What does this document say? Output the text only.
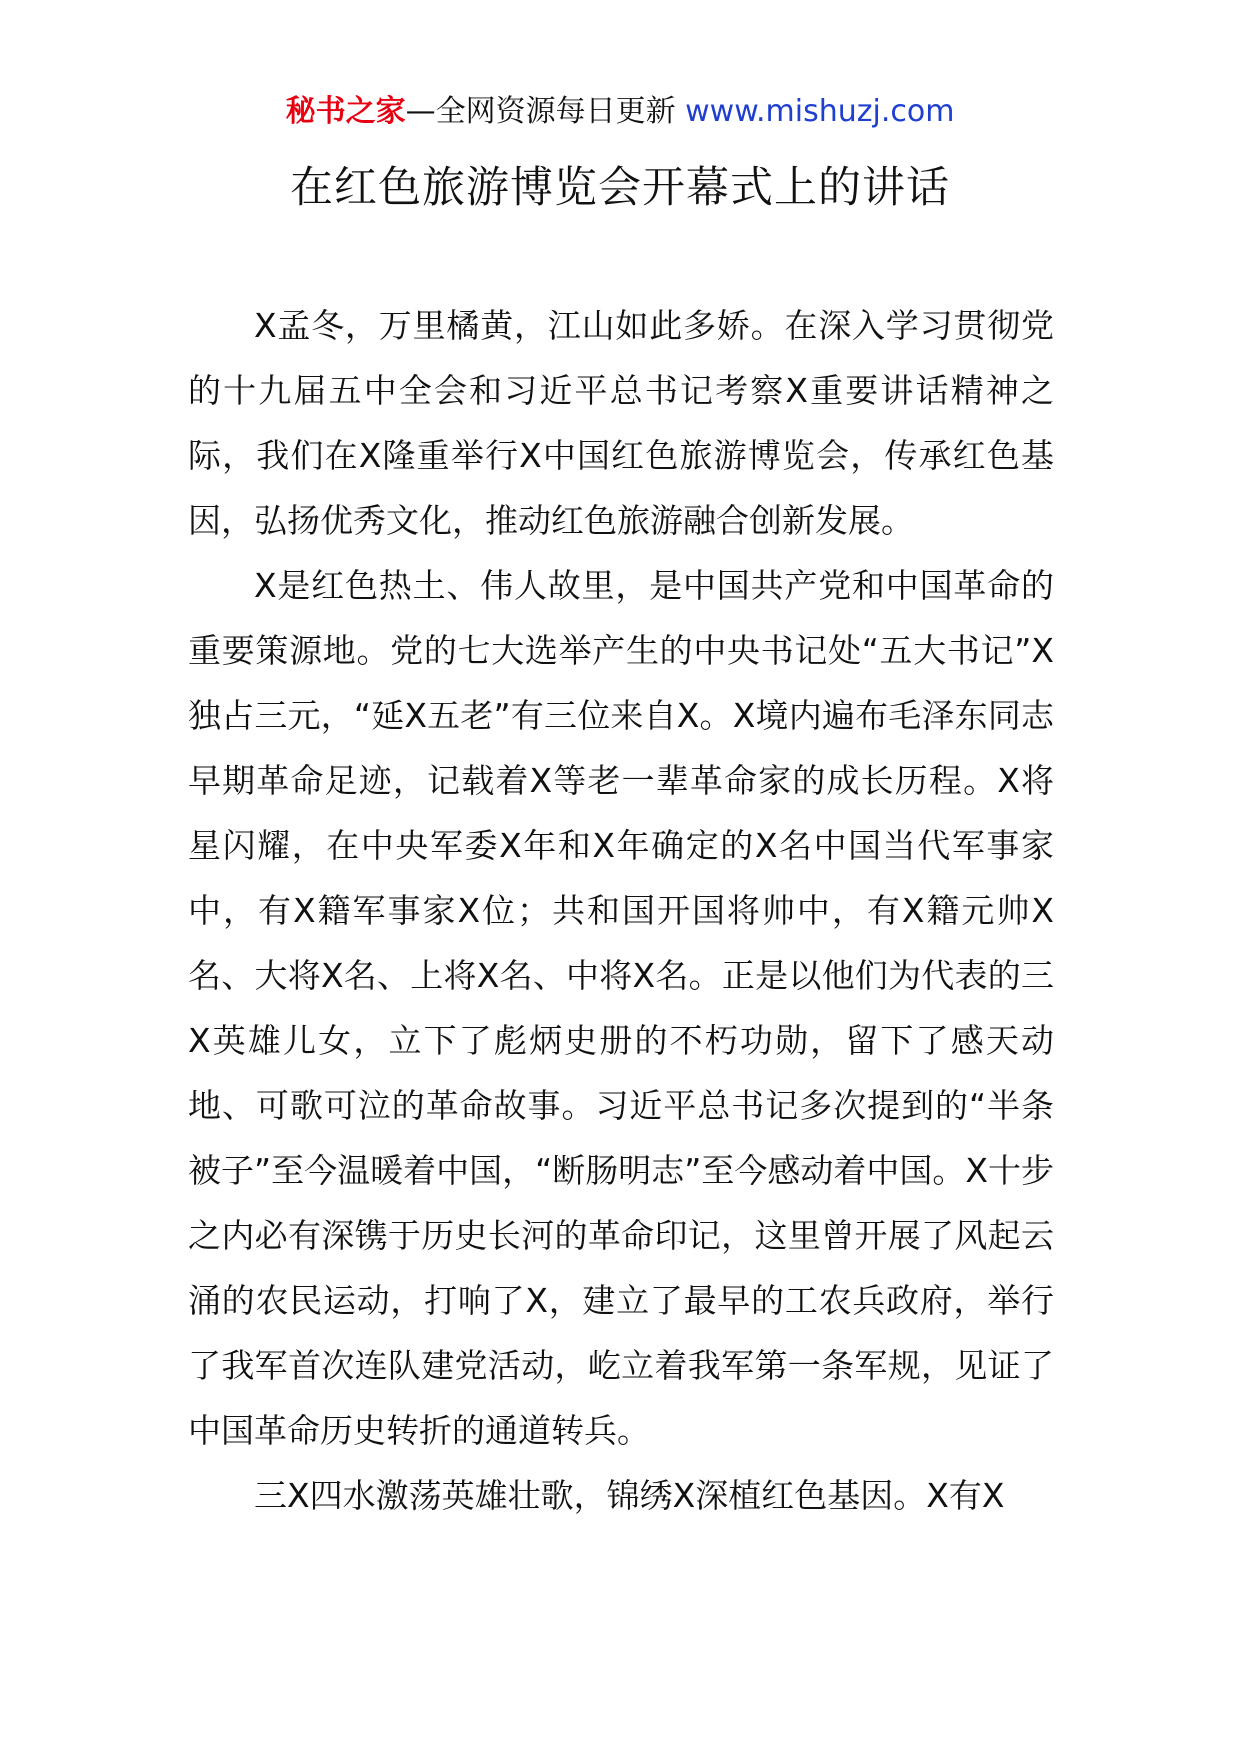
秘书之家—全网资源每日更新 www.mishuzj.com
在红色旅游博览会开幕式上的讲话

X孟冬，万里橘黄，江山如此多娇。在深入学习贯彻党的十九届五中全会和习近平总书记考察X重要讲话精神之际，我们在X隆重举行X中国红色旅游博览会，传承红色基因，弘扬优秀文化，推动红色旅游融合创新发展。

X是红色热土、伟人故里，是中国共产党和中国革命的重要策源地。党的七大选举产生的中央书记处“五大书记”X独占三元，“延X五老”有三位来自X。X境内遍布毛泽东同志早期革命足迹，记载着X等老一辈革命家的成长历程。X将星闪耀，在中央军委X年和X年确定的X名中国当代军事家中，有X籍军事家X位；共和国开国将帅中，有X籍元帅X名、大将X名、上将X名、中将X名。正是以他们为代表的三X英雄儿女，立下了彪炳史册的不朽功勋，留下了感天动地、可歌可泣的革命故事。习近平总书记多次提到的“半条被子”至今温暖着中国，“断肠明志”至今感动着中国。X十步之内必有深镌于历史长河的革命印记，这里曾开展了风起云涌的农民运动，打响了X，建立了最早的工农兵政府，举行了我军首次连队建党活动，屹立着我军第一条军规，见证了中国革命历史转折的通道转兵。

三X四水激荡英雄壮歌，锦绣X深植红色基因。X有X
